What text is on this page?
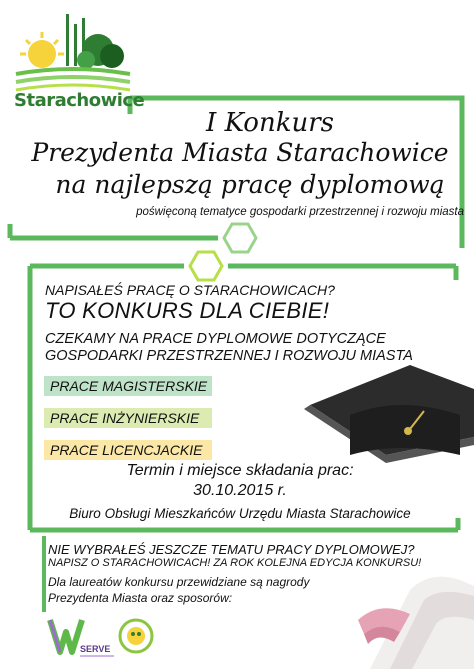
Starachowice
I Konkurs
Prezydenta Miasta Starachowice
na najlepszą pracę dyplomową
poświęconą tematyce gospodarki przestrzennej i rozwoju miasta
NAPISAŁEŚ PRACĘ O STARACHOWICACH?
TO KONKURS DLA CIEBIE!
CZEKAMY NA PRACE DYPLOMOWE DOTYCZĄCE
GOSPODARKI PRZESTRZENNEJ I ROZWOJU MIASTA
PRACE MAGISTERSKIE
PRACE INŻYNIERSKIE
PRACE LICENCJACKIE
Termin i miejsce składania prac:
30.10.2015 r.
Biuro Obsługi Mieszkańców Urzędu Miasta Starachowice
NIE WYBRAŁEŚ JESZCZE TEMATU PRACY DYPLOMOWEJ?
NAPISZ O STARACHOWICACH! ZA ROK KOLEJNA EDYCJA KONKURSU!
Dla laureatów konkursu przewidziane są nagrody
Prezydenta Miasta oraz sposorów:
SERVE
